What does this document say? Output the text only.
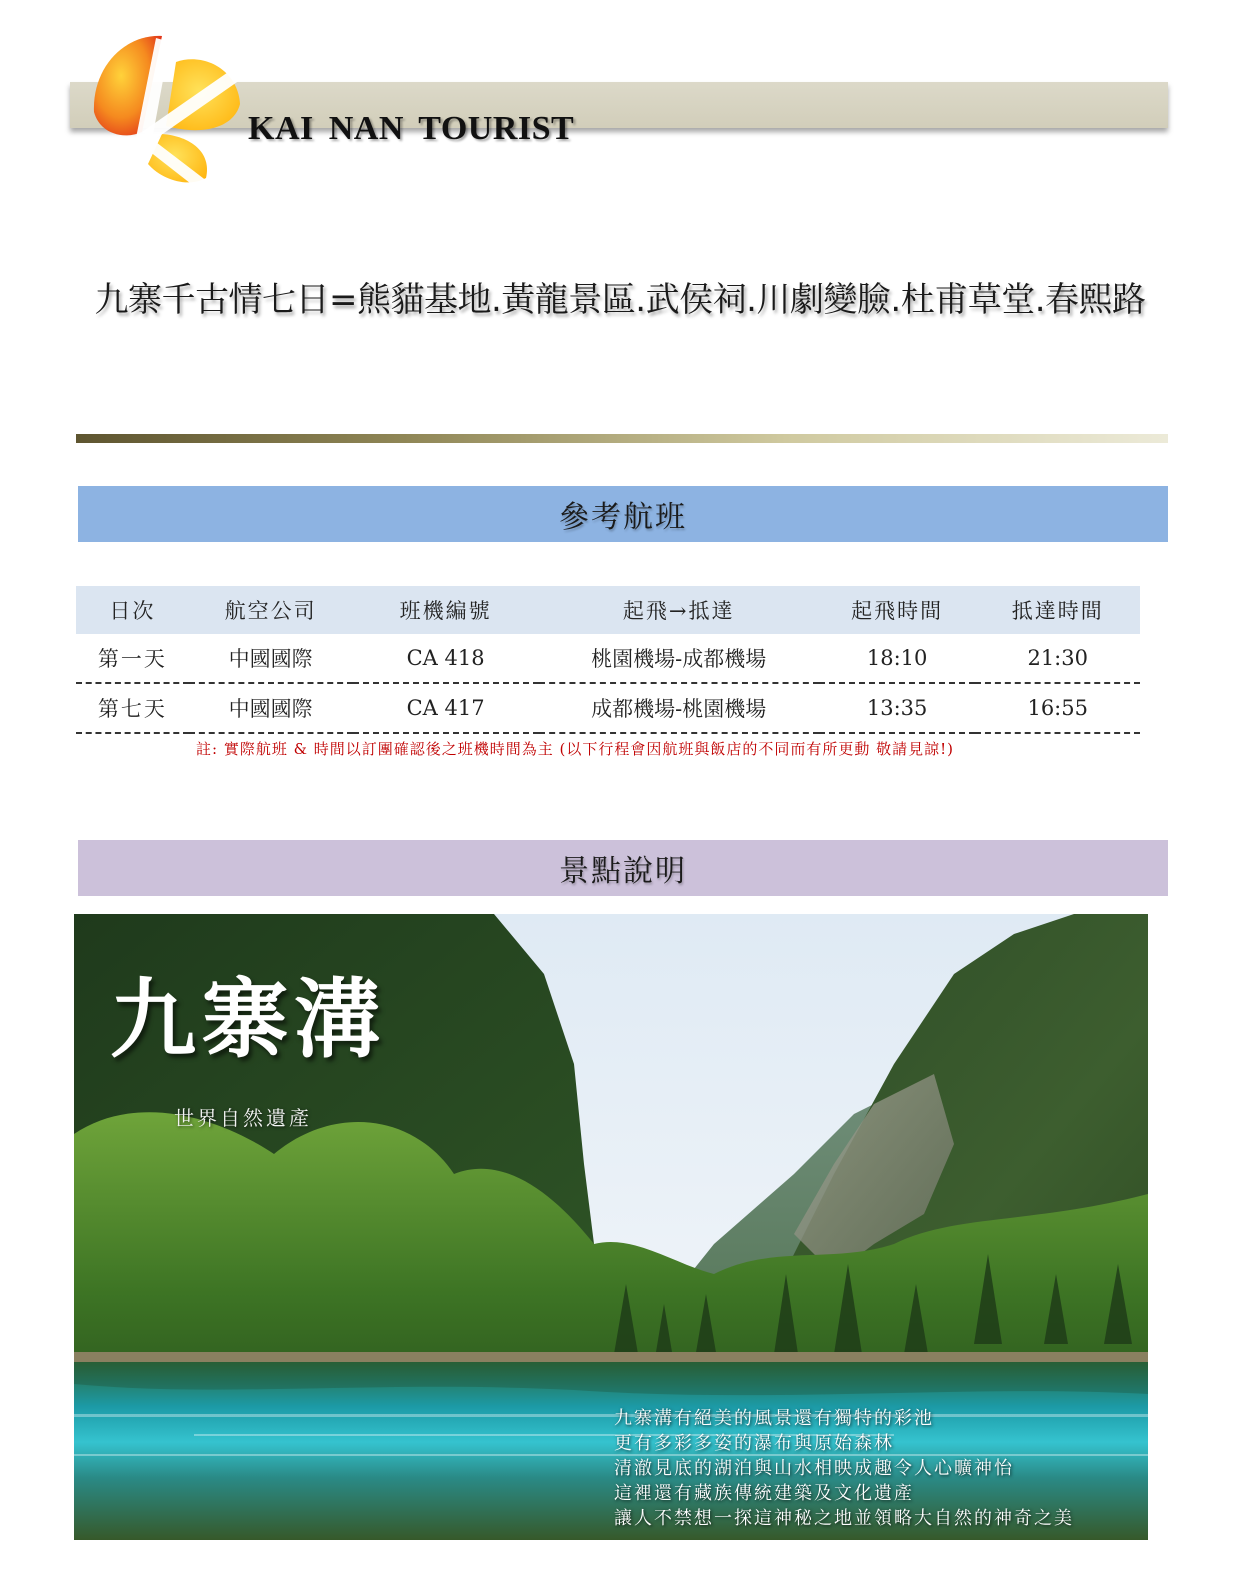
KAI NAN TOURIST
九寨千古情七日=熊貓基地.黃龍景區.武侯祠.川劇變臉.杜甫草堂.春熙路
參考航班
日次	航空公司	班機編號	起飛→抵達	起飛時間	抵達時間
第一天	中國國際	CA 418	桃園機場-成都機場	18:10	21:30
第七天	中國國際	CA 417	成都機場-桃園機場	13:35	16:55
註: 實際航班 & 時間以訂團確認後之班機時間為主 (以下行程會因航班與飯店的不同而有所更動 敬請見諒!)
景點說明
九寨溝
世界自然遺產
九寨溝有絕美的風景還有獨特的彩池
更有多彩多姿的瀑布與原始森林
清澈見底的湖泊與山水相映成趣令人心曠神怡
這裡還有藏族傳統建築及文化遺產
讓人不禁想一探這神秘之地並領略大自然的神奇之美
